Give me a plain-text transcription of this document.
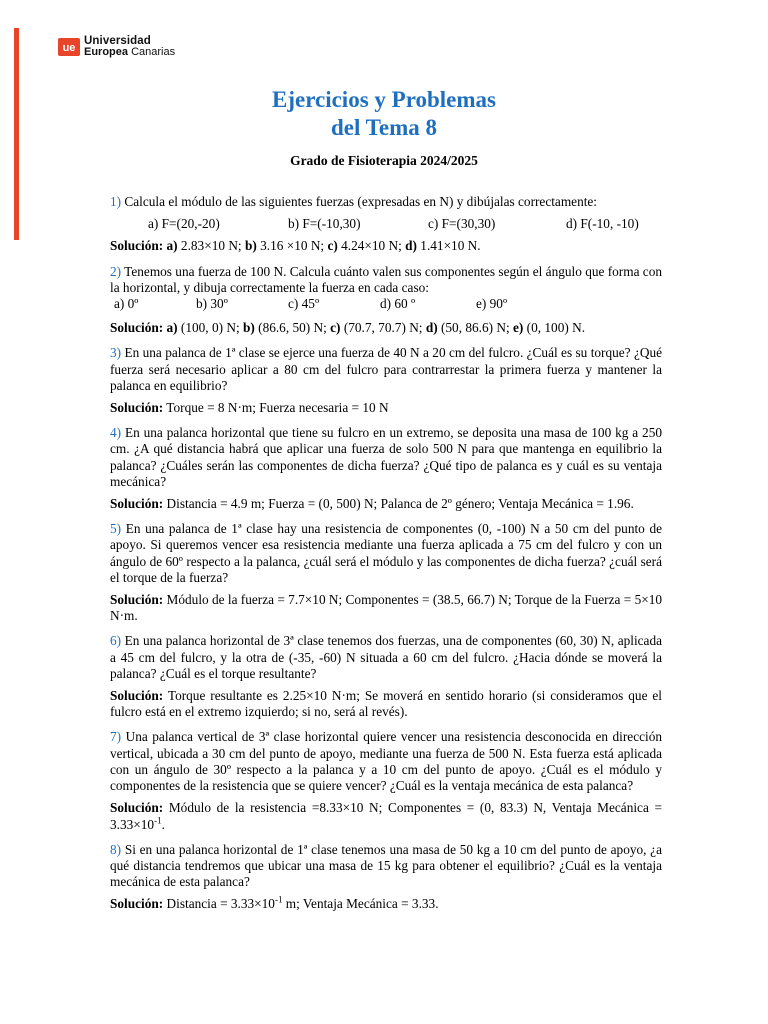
ue
Universidad
Europea Canarias
Ejercicios y Problemas
del Tema 8
Grado de Fisioterapia 2024/2025

1) Calcula el módulo de las siguientes fuerzas (expresadas en N) y dibújalas correctamente:

a) F=(20,-20)	b) F=(-10,30)	c) F=(30,30)	d) F(-10, -10)

Solución: a) 2.83×10 N; b) 3.16 ×10 N; c) 4.24×10 N; d) 1.41×10 N.

2) Tenemos una fuerza de 100 N. Calcula cuánto valen sus componentes según el ángulo que forma con la horizontal, y dibuja correctamente la fuerza en cada caso:

a) 0º	b) 30º	c) 45º	d) 60 º	e) 90º

Solución: a) (100, 0) N; b) (86.6, 50) N; c) (70.7, 70.7) N; d) (50, 86.6) N; e) (0, 100) N.

3) En una palanca de 1ª clase se ejerce una fuerza de 40 N a 20 cm del fulcro. ¿Cuál es su torque? ¿Qué fuerza será necesario aplicar a 80 cm del fulcro para contrarrestar la primera fuerza y mantener la palanca en equilibrio?

Solución: Torque = 8 N·m; Fuerza necesaria = 10 N

4) En una palanca horizontal que tiene su fulcro en un extremo, se deposita una masa de 100 kg a 250 cm. ¿A qué distancia habrá que aplicar una fuerza de solo 500 N para que mantenga en equilibrio la palanca? ¿Cuáles serán las componentes de dicha fuerza? ¿Qué tipo de palanca es y cuál es su ventaja mecánica?

Solución: Distancia = 4.9 m; Fuerza = (0, 500) N; Palanca de 2º género; Ventaja Mecánica = 1.96.

5) En una palanca de 1ª clase hay una resistencia de componentes (0, -100) N a 50 cm del punto de apoyo. Si queremos vencer esa resistencia mediante una fuerza aplicada a 75 cm del fulcro y con un ángulo de 60º respecto a la palanca, ¿cuál será el módulo y las componentes de dicha fuerza? ¿cuál será el torque de la fuerza?

Solución: Módulo de la fuerza = 7.7×10 N; Componentes = (38.5, 66.7) N; Torque de la Fuerza = 5×10 N·m.

6) En una palanca horizontal de 3ª clase tenemos dos fuerzas, una de componentes (60, 30) N, aplicada a 45 cm del fulcro, y la otra de (-35, -60) N situada a 60 cm del fulcro. ¿Hacia dónde se moverá la palanca? ¿Cuál es el torque resultante?

Solución: Torque resultante es 2.25×10 N·m; Se moverá en sentido horario (si consideramos que el fulcro está en el extremo izquierdo; si no, será al revés).

7) Una palanca vertical de 3ª clase horizontal quiere vencer una resistencia desconocida en dirección vertical, ubicada a 30 cm del punto de apoyo, mediante una fuerza de 500 N. Esta fuerza está aplicada con un ángulo de 30º respecto a la palanca y a 10 cm del punto de apoyo. ¿Cuál es el módulo y componentes de la resistencia que se quiere vencer? ¿Cuál es la ventaja mecánica de esta palanca?

Solución: Módulo de la resistencia =8.33×10 N; Componentes = (0, 83.3) N, Ventaja Mecánica = $3.33\times 10^{-1}$.

8) Si en una palanca horizontal de 1ª clase tenemos una masa de 50 kg a 10 cm del punto de apoyo, ¿a qué distancia tendremos que ubicar una masa de 15 kg para obtener el equilibrio? ¿Cuál es la ventaja mecánica de esta palanca?

Solución: Distancia = $3.33\times 10^{-1}$ m; Ventaja Mecánica = 3.33.
